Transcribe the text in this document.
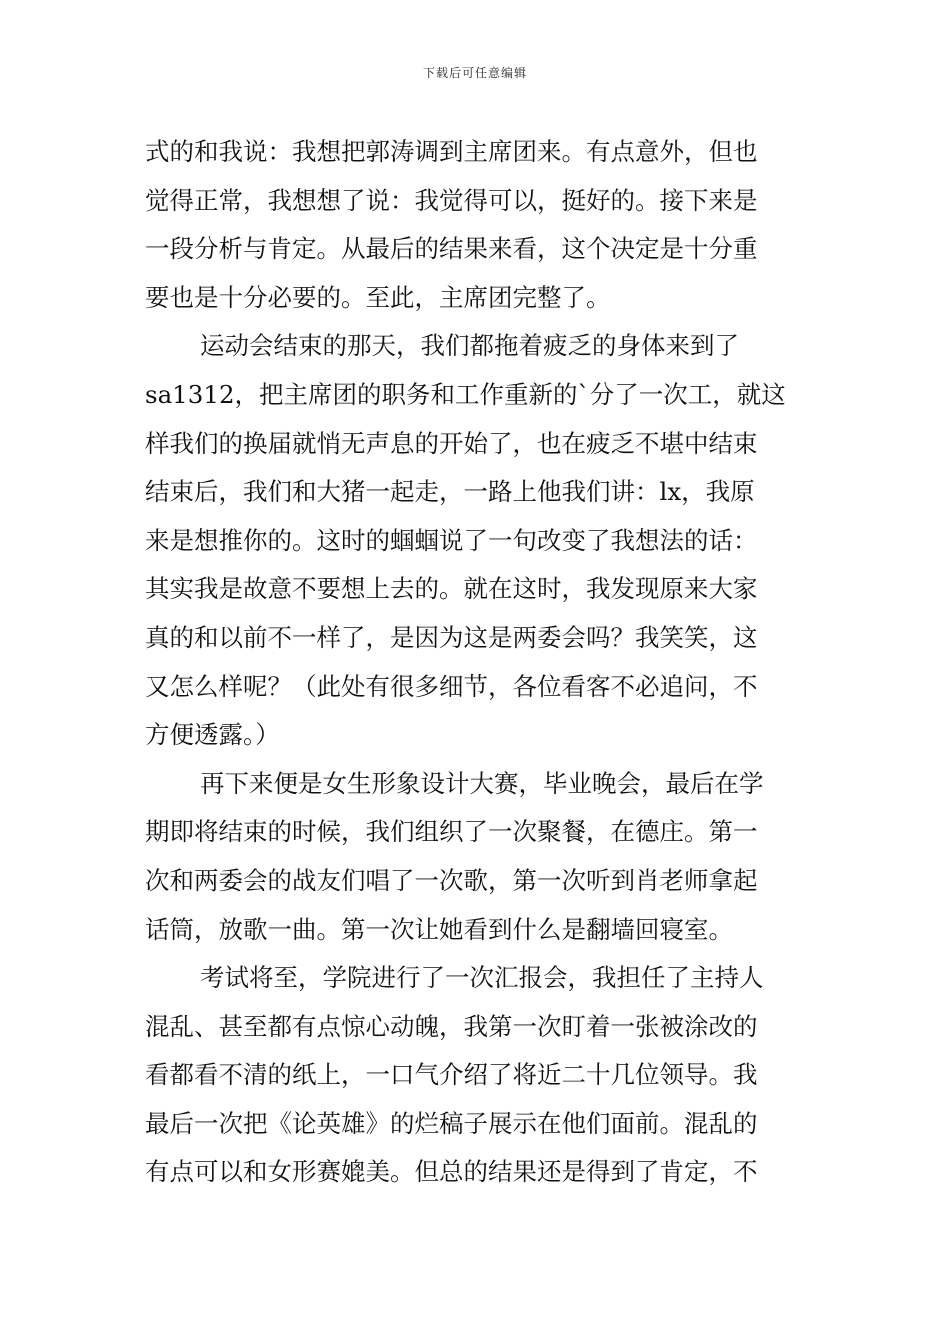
下载后可任意编辑
式的和我说：我想把郭涛调到主席团来。有点意外，但也
觉得正常，我想想了说：我觉得可以，挺好的。接下来是
一段分析与肯定。从最后的结果来看，这个决定是十分重
要也是十分必要的。至此，主席团完整了。
运动会结束的那天，我们都拖着疲乏的身体来到了
sa1312，把主席团的职务和工作重新的`分了一次工，就这
样我们的换届就悄无声息的开始了，也在疲乏不堪中结束
结束后，我们和大猪一起走，一路上他我们讲：lx，我原
来是想推你的。这时的蝈蝈说了一句改变了我想法的话：
其实我是故意不要想上去的。就在这时，我发现原来大家
真的和以前不一样了，是因为这是两委会吗？我笑笑，这
又怎么样呢？（此处有很多细节，各位看客不必追问，不
方便透露。）
再下来便是女生形象设计大赛，毕业晚会，最后在学
期即将结束的时候，我们组织了一次聚餐，在德庄。第一
次和两委会的战友们唱了一次歌，第一次听到肖老师拿起
话筒，放歌一曲。第一次让她看到什么是翻墙回寝室。
考试将至，学院进行了一次汇报会，我担任了主持人
混乱、甚至都有点惊心动魄，我第一次盯着一张被涂改的
看都看不清的纸上，一口气介绍了将近二十几位领导。我
最后一次把《论英雄》的烂稿子展示在他们面前。混乱的
有点可以和女形赛媲美。但总的结果还是得到了肯定，不
